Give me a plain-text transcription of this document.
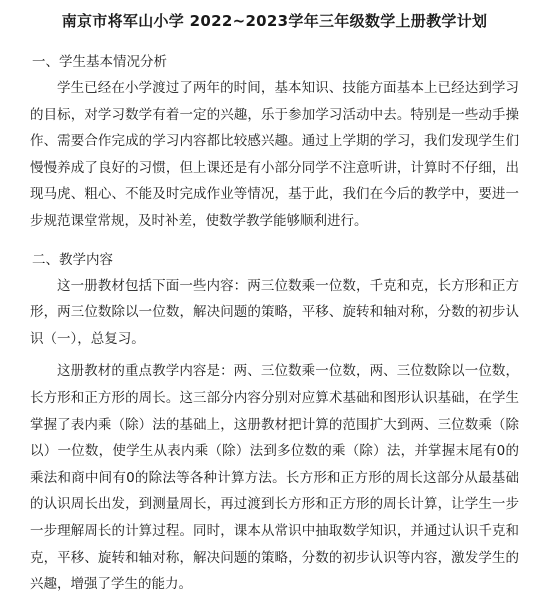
南京市将军山小学 2022~2023学年三年级数学上册教学计划

一、学生基本情况分析

学生已经在小学渡过了两年的时间，基本知识、技能方面基本上已经达到学习的目标，对学习数学有着一定的兴趣，乐于参加学习活动中去。特别是一些动手操作、需要合作完成的学习内容都比较感兴趣。通过上学期的学习，我们发现学生们慢慢养成了良好的习惯，但上课还是有小部分同学不注意听讲，计算时不仔细，出现马虎、粗心、不能及时完成作业等情况，基于此，我们在今后的教学中，要进一步规范课堂常规，及时补差，使数学教学能够顺利进行。

二、教学内容

这一册教材包括下面一些内容：两三位数乘一位数，千克和克，长方形和正方形，两三位数除以一位数，解决问题的策略，平移、旋转和轴对称，分数的初步认识（一），总复习。

这册教材的重点教学内容是：两、三位数乘一位数，两、三位数除以一位数，长方形和正方形的周长。这三部分内容分别对应算术基础和图形认识基础，在学生掌握了表内乘（除）法的基础上，这册教材把计算的范围扩大到两、三位数乘（除以）一位数，使学生从表内乘（除）法到多位数的乘（除）法，并掌握末尾有0的乘法和商中间有0的除法等各种计算方法。长方形和正方形的周长这部分从最基础的认识周长出发，到测量周长，再过渡到长方形和正方形的周长计算，让学生一步一步理解周长的计算过程。同时，课本从常识中抽取数学知识，并通过认识千克和克，平移、旋转和轴对称，解决问题的策略，分数的初步认识等内容，激发学生的兴趣，增强了学生的能力。
